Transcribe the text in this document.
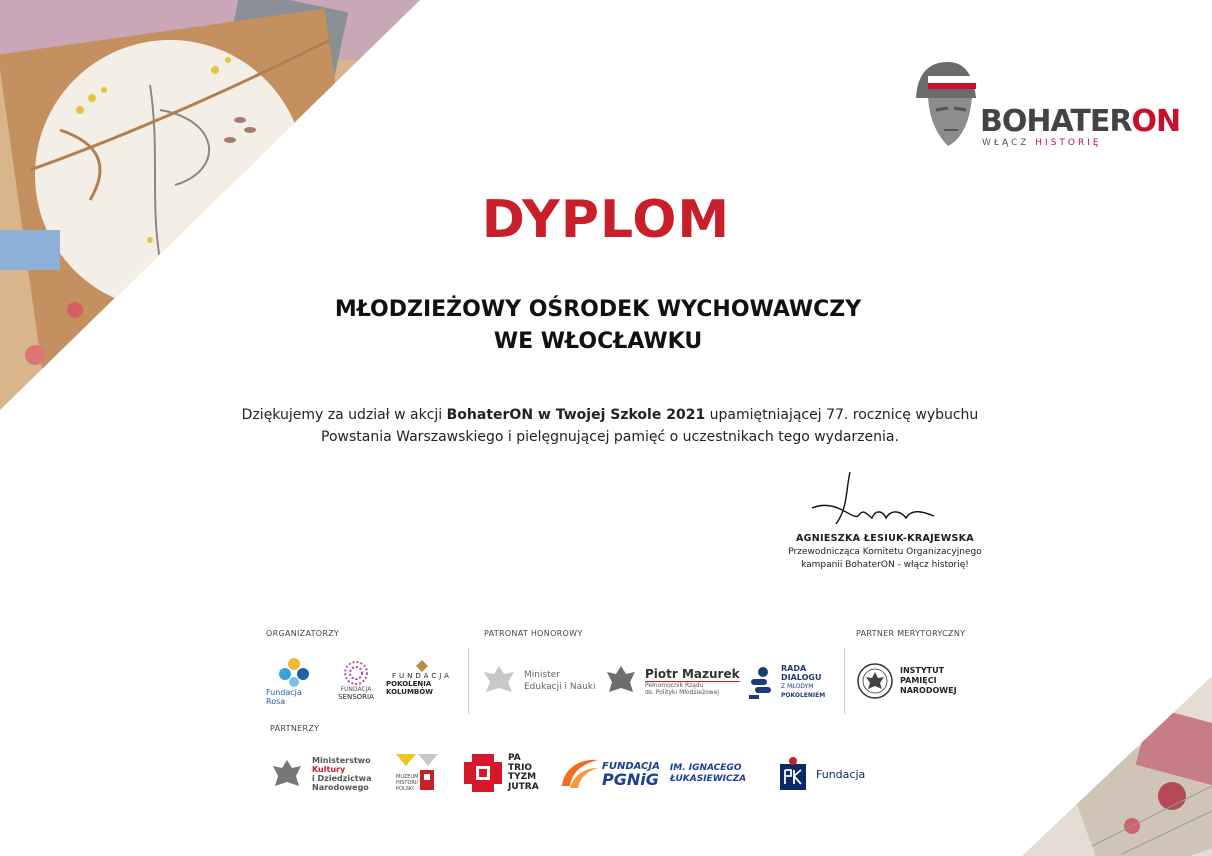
BOHATERON
WŁĄCZ HISTORIĘ
DYPLOM
MŁODZIEŻOWY OŚRODEK WYCHOWAWCZY
WE WŁOCŁAWKU
Dziękujemy za udział w akcji BohaterON w Twojej Szkole 2021 upamiętniającej 77. rocznicę wybuchu Powstania Warszawskiego i pielęgnującej pamięć o uczestnikach tego wydarzenia.
AGNIESZKA ŁESIUK-KRAJEWSKA
Przewodnicząca Komitetu Organizacyjnego
kampanii BohaterON - włącz historię!
ORGANIZATORZY	PATRONAT HONOROWY	PARTNER MERYTORYCZNY
PARTNERZY
Fundacja Rosa
FUNDACJA
SENSORIA
FUNDACJA
POKOLENIA KOLUMBÓW
Minister
Edukacji i Nauki
Piotr Mazurek
Pełnomocnik Rządu
ds. Polityki Młodzieżowej
RADA
DIALOGU
Z MŁODYM
POKOLENIEM
INSTYTUT
PAMIĘCI
NARODOWEJ
Ministerstwo
Kultury
i Dziedzictwa
Narodowego
MUZEUM
HISTORII
POLSKI
PA
TRIO
TYZM
JUTRA
FUNDACJA
PGNiG
IM. IGNACEGO
ŁUKASIEWICZA	Fundacja
